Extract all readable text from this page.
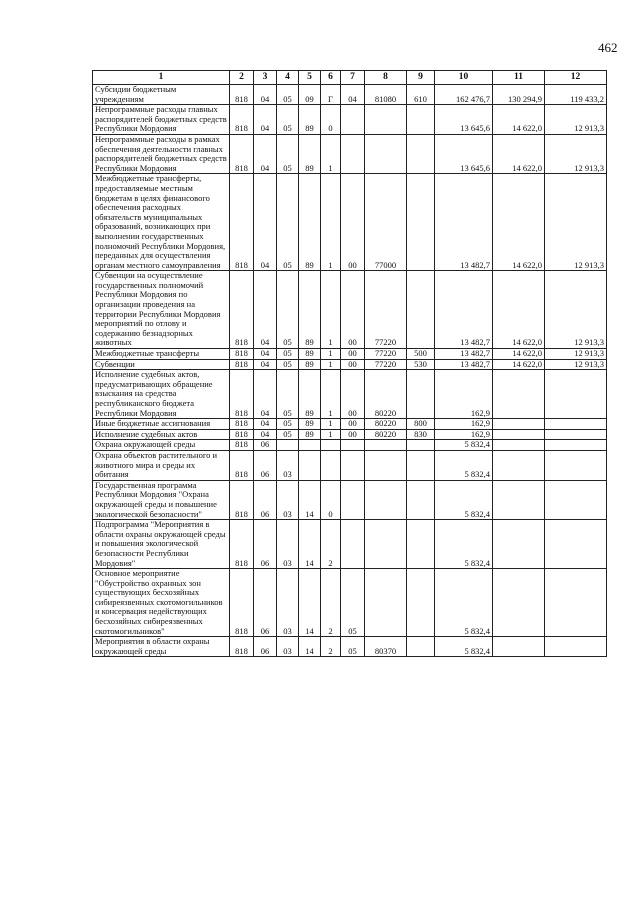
462
1	2	3	4	5	6	7	8	9	10	11	12
Субсидии бюджетным учреждениям	818	04	05	09	Г	04	81080	610	162 476,7	130 294,9	119 433,2
Непрограммные расходы главных распорядителей бюджетных средств Республики Мордовия	818	04	05	89	0				13 645,6	14 622,0	12 913,3
Непрограммные расходы в рамках обеспечения деятельности главных распорядителей бюджетных средств Республики Мордовия	818	04	05	89	1				13 645,6	14 622,0	12 913,3
Межбюджетные трансферты, предоставляемые местным бюджетам в целях финансового обеспечения расходных обязательств муниципальных образований, возникающих при выполнении государственных полномочий Республики Мордовия, переданных для осуществления органам местного самоуправления	818	04	05	89	1	00	77000		13 482,7	14 622,0	12 913,3
Субвенции на осуществление государственных полномочий Республики Мордовия по организации проведения на территории Республики Мордовия мероприятий по отлову и содержанию безнадзорных животных	818	04	05	89	1	00	77220		13 482,7	14 622,0	12 913,3
Межбюджетные трансферты	818	04	05	89	1	00	77220	500	13 482,7	14 622,0	12 913,3
Субвенции	818	04	05	89	1	00	77220	530	13 482,7	14 622,0	12 913,3
Исполнение судебных актов, предусматривающих обращение взыскания на средства республиканского бюджета Республики Мордовия	818	04	05	89	1	00	80220		162,9		
Иные бюджетные ассигнования	818	04	05	89	1	00	80220	800	162,9		
Исполнение судебных актов	818	04	05	89	1	00	80220	830	162,9		
Охрана окружающей среды	818	06							5 832,4		
Охрана объектов растительного и животного мира и среды их обитания	818	06	03						5 832,4		
Государственная программа Республики Мордовия "Охрана окружающей среды и повышение экологической безопасности"	818	06	03	14	0				5 832,4		
Подпрограмма "Мероприятия в области охраны окружающей среды и повышения экологической безопасности Республики Мордовия"	818	06	03	14	2				5 832,4		
Основное мероприятие "Обустройство охранных зон существующих бесхозяйных сибиреязвенных скотомогильников и консервация недействующих бесхозяйных сибиреязвенных скотомогильников"	818	06	03	14	2	05			5 832,4		
Мероприятия в области охраны окружающей среды	818	06	03	14	2	05	80370		5 832,4		
